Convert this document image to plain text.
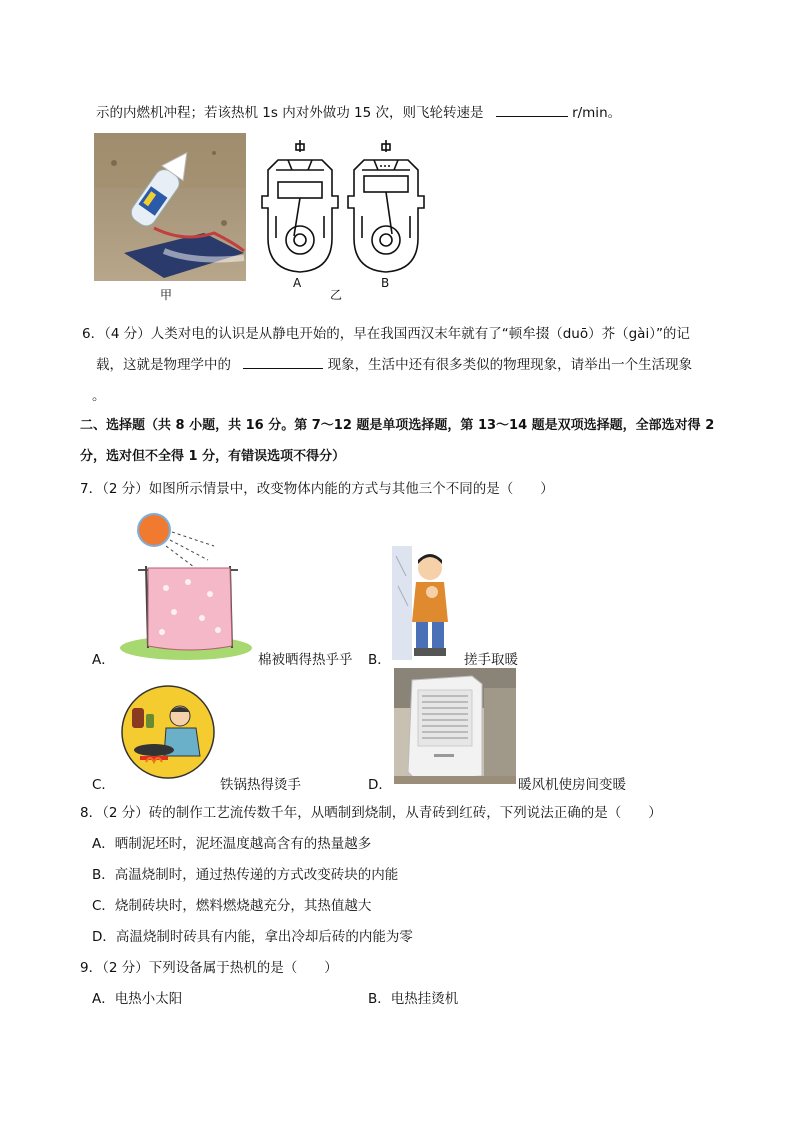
示的内燃机冲程；若该热机 1s 内对外做功 15 次，则飞轮转速是	r/min。
甲
A
乙
B
6．（4 分）人类对电的认识是从静电开始的，早在我国西汉末年就有了“顿牟掇（duō）芥（gài）”的记
载，这就是物理学中的	现象，生活中还有很多类似的物理现象，请举出一个生活现象
。
二、选择题（共 8 小题，共 16 分。第 7～12 题是单项选择题，第 13～14 题是双项选择题，全部选对得 2
分，选对但不全得 1 分，有错误选项不得分）
7．（2 分）如图所示情景中，改变物体内能的方式与其他三个不同的是（　　）
A．	棉被晒得热乎乎 B．	搓手取暖
C．	铁锅热得烫手	D．	暖风机使房间变暖
8．（2 分）砖的制作工艺流传数千年，从晒制到烧制，从青砖到红砖，下列说法正确的是（　　）
A．晒制泥坯时，泥坯温度越高含有的热量越多
B．高温烧制时，通过热传递的方式改变砖块的内能
C．烧制砖块时，燃料燃烧越充分，其热值越大
D．高温烧制时砖具有内能，拿出冷却后砖的内能为零
9．（2 分）下列设备属于热机的是（　　）
A．电热小太阳	B．电热挂烫机
